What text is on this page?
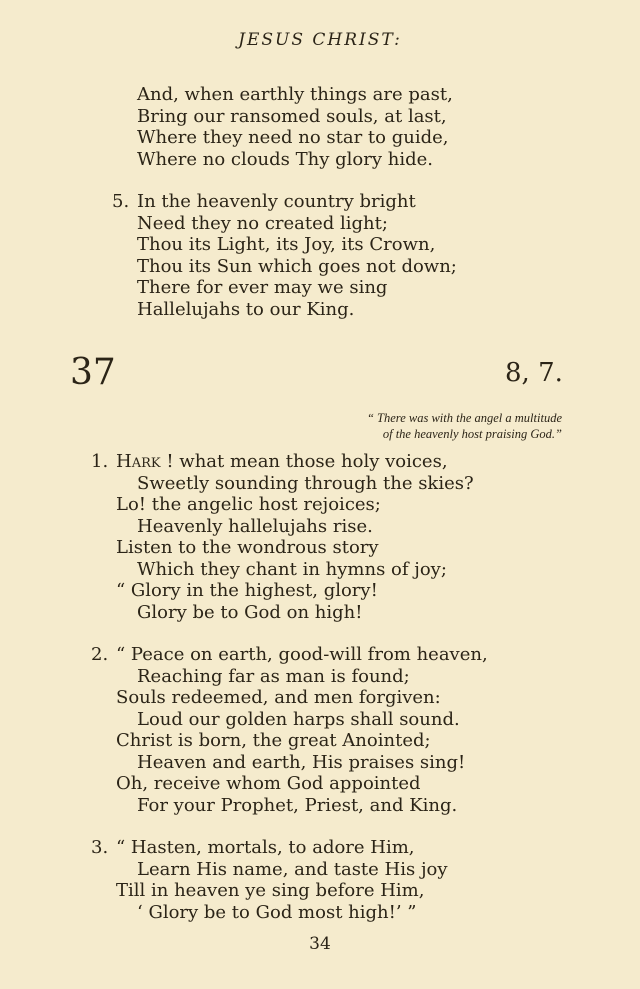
JESUS CHRIST:
And, when earthly things are past,
Bring our ransomed souls, at last,
Where they need no star to guide,
Where no clouds Thy glory hide.
5. In the heavenly country bright
Need they no created light;
Thou its Light, its Joy, its Crown,
Thou its Sun which goes not down;
There for ever may we sing
Hallelujahs to our King.
37	8, 7.
“ There was with the angel a multitude
of the heavenly host praising God.”
1. Hark ! what mean those holy voices,
Sweetly sounding through the skies?
Lo! the angelic host rejoices;
Heavenly hallelujahs rise.
Listen to the wondrous story
Which they chant in hymns of joy;
“ Glory in the highest, glory!
Glory be to God on high!
2. “ Peace on earth, good-will from heaven,
Reaching far as man is found;
Souls redeemed, and men forgiven:
Loud our golden harps shall sound.
Christ is born, the great Anointed;
Heaven and earth, His praises sing!
Oh, receive whom God appointed
For your Prophet, Priest, and King.
3. “ Hasten, mortals, to adore Him,
Learn His name, and taste His joy
Till in heaven ye sing before Him,
‘ Glory be to God most high!’ ”
34
